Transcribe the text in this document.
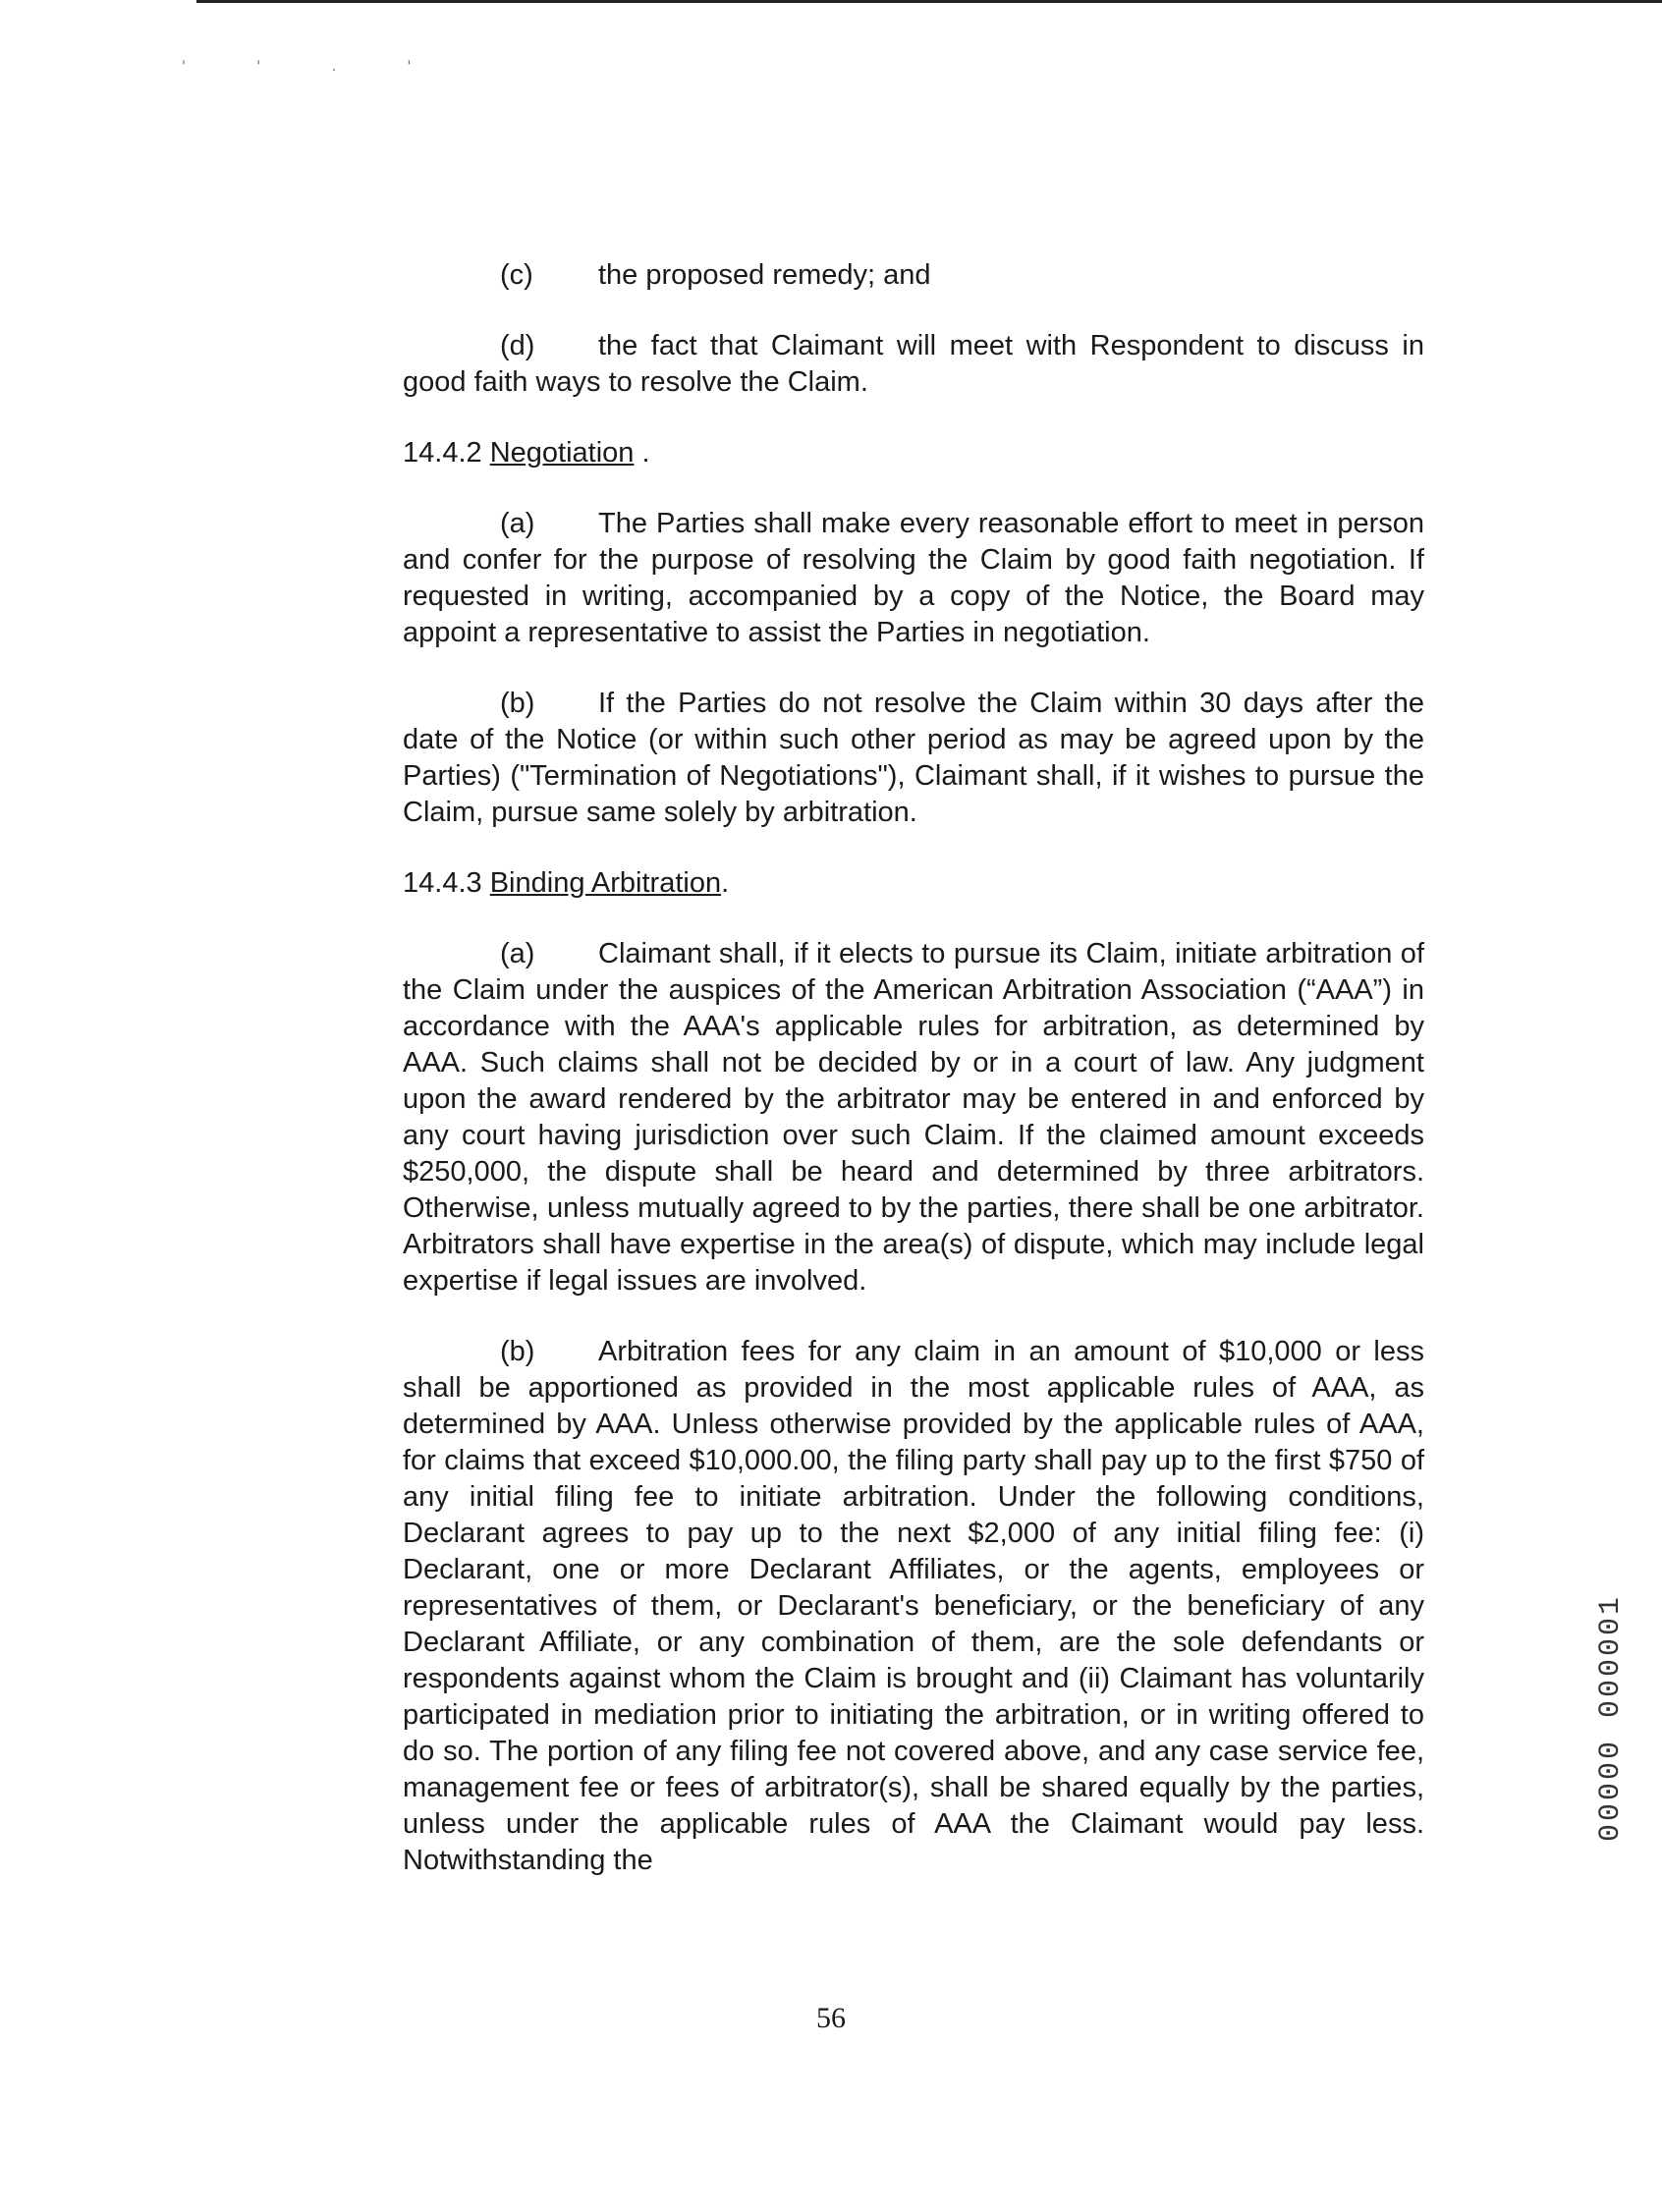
' ' . '
(c) the proposed remedy; and
(d) the fact that Claimant will meet with Respondent to discuss in good faith ways to resolve the Claim.
14.4.2 Negotiation .
(a) The Parties shall make every reasonable effort to meet in person and confer for the purpose of resolving the Claim by good faith negotiation. If requested in writing, accompanied by a copy of the Notice, the Board may appoint a representative to assist the Parties in negotiation.
(b) If the Parties do not resolve the Claim within 30 days after the date of the Notice (or within such other period as may be agreed upon by the Parties) ("Termination of Negotiations"), Claimant shall, if it wishes to pursue the Claim, pursue same solely by arbitration.
14.4.3 Binding Arbitration.
(a) Claimant shall, if it elects to pursue its Claim, initiate arbitration of the Claim under the auspices of the American Arbitration Association (“AAA”) in accordance with the AAA's applicable rules for arbitration, as determined by AAA. Such claims shall not be decided by or in a court of law. Any judgment upon the award rendered by the arbitrator may be entered in and enforced by any court having jurisdiction over such Claim. If the claimed amount exceeds $250,000, the dispute shall be heard and determined by three arbitrators. Otherwise, unless mutually agreed to by the parties, there shall be one arbitrator. Arbitrators shall have expertise in the area(s) of dispute, which may include legal expertise if legal issues are involved.
(b) Arbitration fees for any claim in an amount of $10,000 or less shall be apportioned as provided in the most applicable rules of AAA, as determined by AAA. Unless otherwise provided by the applicable rules of AAA, for claims that exceed $10,000.00, the filing party shall pay up to the first $750 of any initial filing fee to initiate arbitration. Under the following conditions, Declarant agrees to pay up to the next $2,000 of any initial filing fee: (i) Declarant, one or more Declarant Affiliates, or the agents, employees or representatives of them, or Declarant's beneficiary, or the beneficiary of any Declarant Affiliate, or any combination of them, are the sole defendants or respondents against whom the Claim is brought and (ii) Claimant has voluntarily participated in mediation prior to initiating the arbitration, or in writing offered to do so. The portion of any filing fee not covered above, and any case service fee, management fee or fees of arbitrator(s), shall be shared equally by the parties, unless under the applicable rules of AAA the Claimant would pay less. Notwithstanding the
56
00000 000001
